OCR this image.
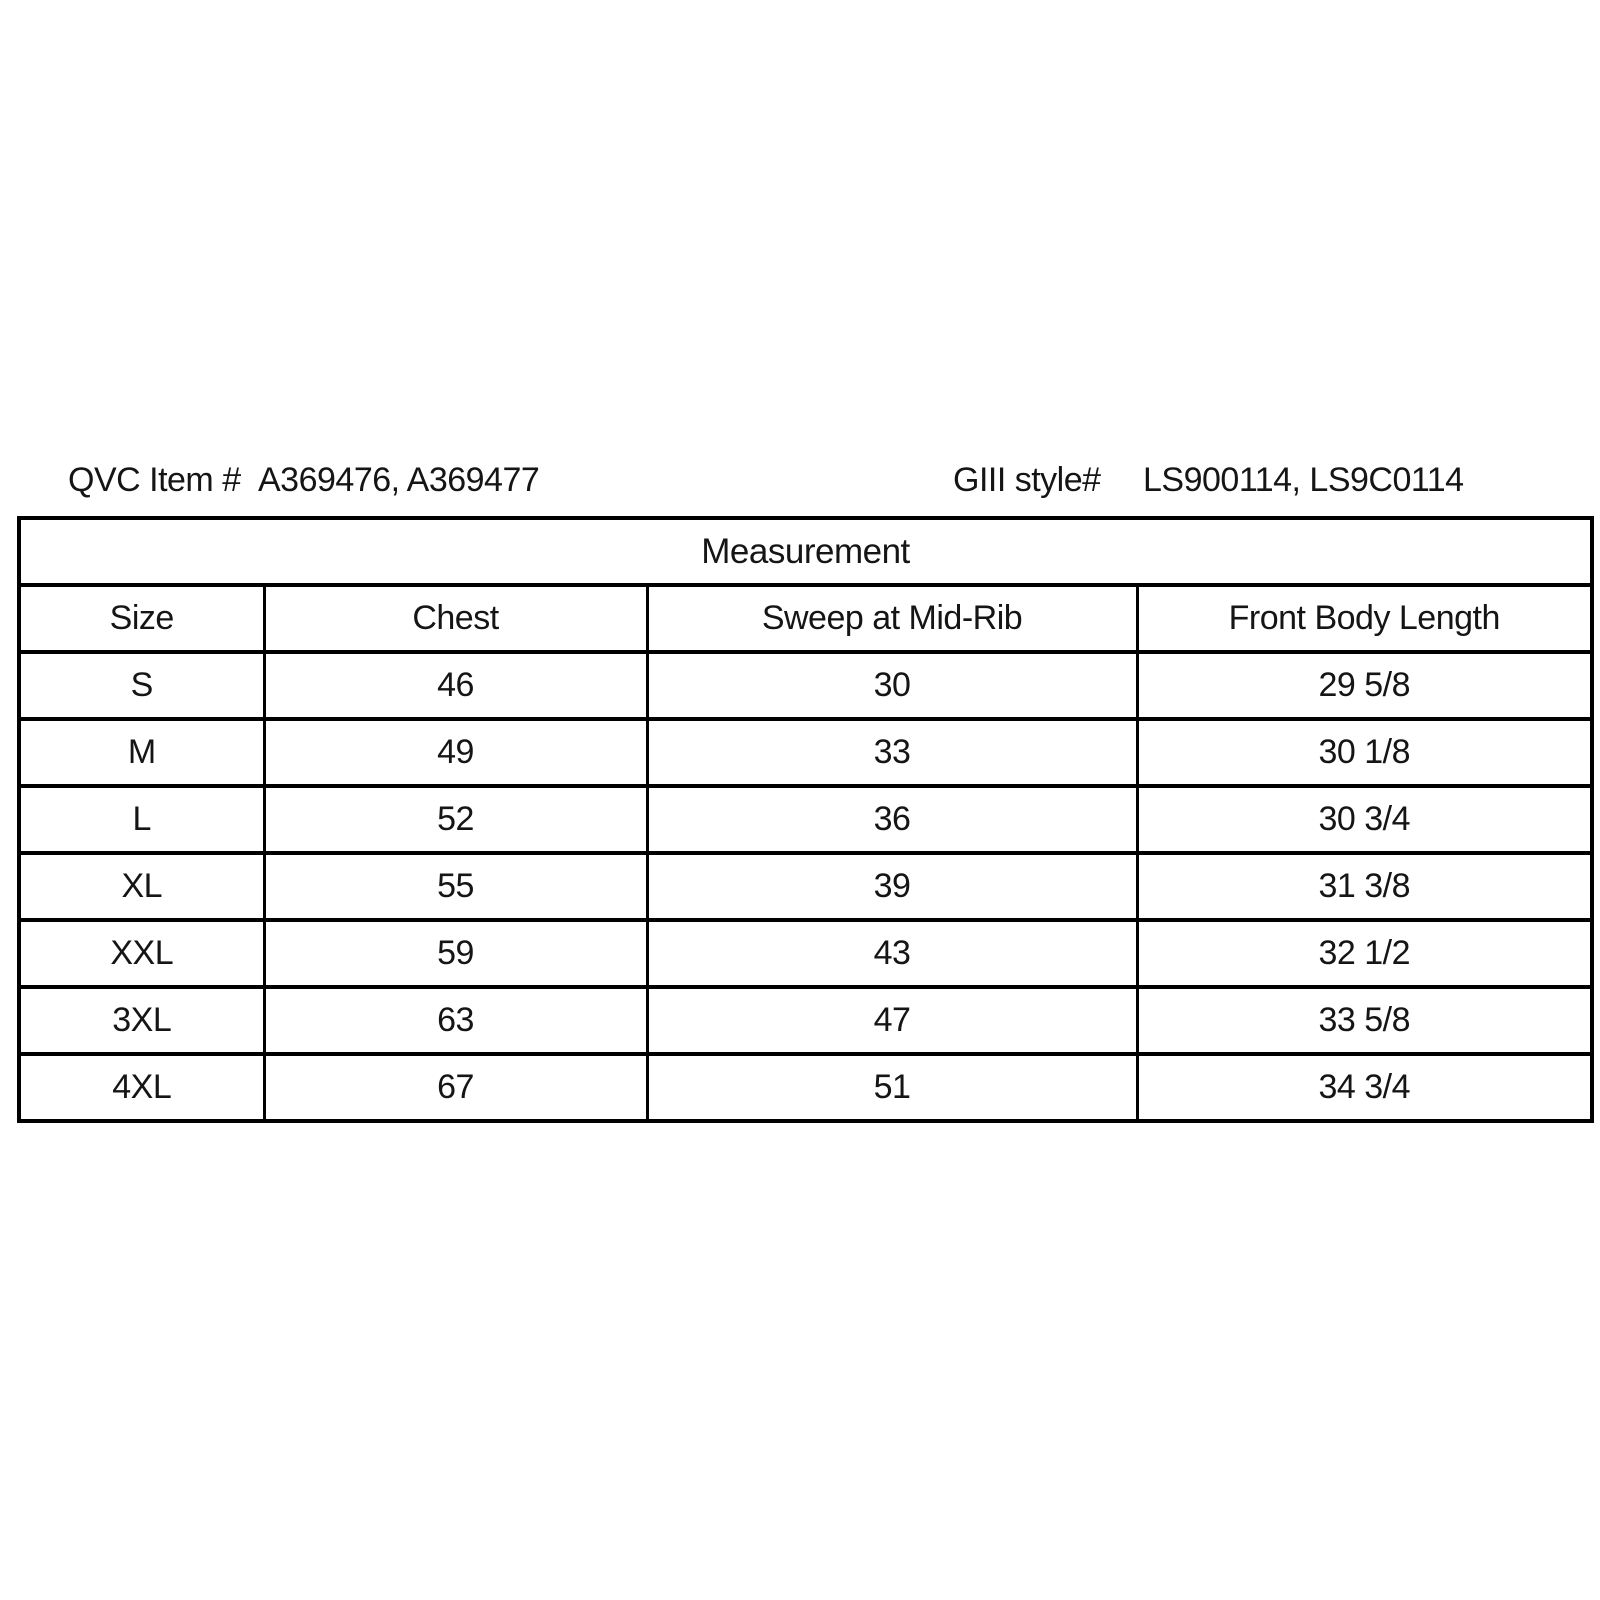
QVC Item # A369476, A369477	GIII style# LS900114, LS9C0114
Measurement			
Size	Chest	Sweep at Mid-Rib	Front Body Length
S	46	30	29 5/8
M	49	33	30 1/8
L	52	36	30 3/4
XL	55	39	31 3/8
XXL	59	43	32 1/2
3XL	63	47	33 5/8
4XL	67	51	34 3/4
